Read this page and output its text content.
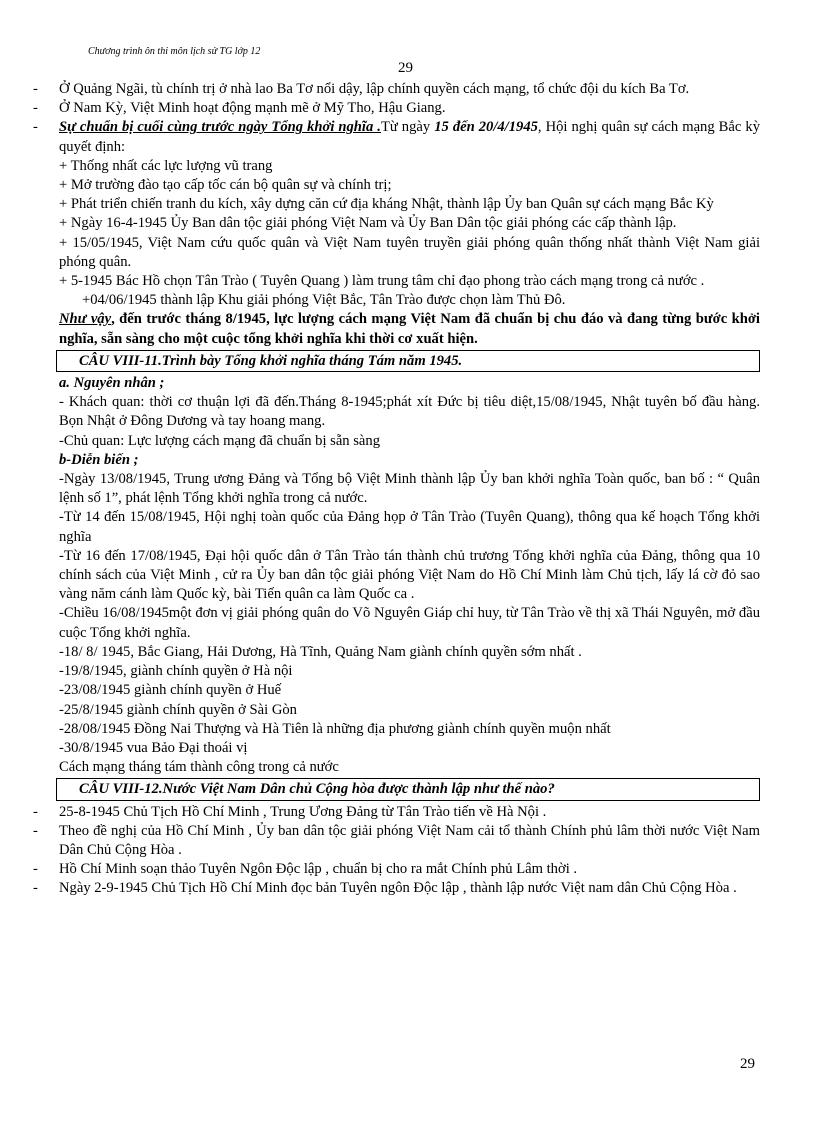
Chương trình ôn thi môn lịch sử TG lớp 12
29
- Ở Quảng Ngãi, tù chính trị ở nhà lao Ba Tơ nổi dậy, lập chính quyền cách mạng, tổ chức đội du kích Ba Tơ.
- Ở Nam Kỳ, Việt Minh hoạt động mạnh mẽ ở Mỹ Tho, Hậu Giang.
- Sự chuẩn bị cuối cùng trước ngày Tổng khởi nghĩa .Từ ngày 15 đến 20/4/1945, Hội nghị quân sự cách mạng Bắc kỳ quyết định:
+ Thống nhất các lực lượng vũ trang
+ Mở trường đào tạo cấp tốc cán bộ quân sự và chính trị;
+ Phát triển chiến tranh du kích, xây dựng căn cứ địa kháng Nhật, thành lập Ủy ban Quân sự cách mạng Bắc Kỳ
+ Ngày 16-4-1945 Ủy Ban dân tộc giải phóng Việt Nam và Ủy Ban Dân tộc giải phóng các cấp thành lập.
+ 15/05/1945, Việt Nam cứu quốc quân và Việt Nam tuyên truyền giải phóng quân thống nhất thành Việt Nam giải phóng quân.
+ 5-1945 Bác Hồ chọn Tân Trào ( Tuyên Quang ) làm trung tâm chỉ đạo phong trào cách mạng trong cả nước .
+04/06/1945 thành lập Khu giải phóng Việt Bắc, Tân Trào được chọn làm Thủ Đô.
Như vậy, đến trước tháng 8/1945, lực lượng cách mạng Việt Nam đã chuẩn bị chu đáo và đang từng bước khởi nghĩa, sẵn sàng cho một cuộc tổng khởi nghĩa khi thời cơ xuất hiện.
CÂU VIII-11.Trình bày Tổng khởi nghĩa tháng Tám năm 1945.
a. Nguyên nhân ;
- Khách quan: thời cơ thuận lợi đã đến.Tháng 8-1945;phát xít Đức bị tiêu diệt,15/08/1945, Nhật tuyên bố đầu hàng. Bọn Nhật ở Đông Dương và tay hoang mang.
-Chủ quan: Lực lượng cách mạng đã chuẩn bị sẵn sàng
b-Diễn biến ;
-Ngày 13/08/1945, Trung ương Đảng và Tổng bộ Việt Minh thành lập Ủy ban khởi nghĩa Toàn quốc, ban bố : “ Quân lệnh số 1”, phát lệnh Tổng khởi nghĩa trong cả nước.
-Từ 14 đến 15/08/1945, Hội nghị toàn quốc của Đảng họp ở Tân Trào (Tuyên Quang), thông qua kế hoạch Tổng khởi nghĩa
-Từ 16 đến 17/08/1945, Đại hội quốc dân ở Tân Trào tán thành chủ trương Tổng khởi nghĩa của Đảng, thông qua 10 chính sách của Việt Minh , cử ra Ủy ban dân tộc giải phóng Việt Nam do Hồ Chí Minh làm Chủ tịch, lấy lá cờ đỏ sao vàng năm cánh làm Quốc kỳ, bài Tiến quân ca làm Quốc ca .
-Chiều 16/08/1945một đơn vị giải phóng quân do Võ Nguyên Giáp chỉ huy, từ Tân Trào về thị xã Thái Nguyên, mở đầu cuộc Tổng khởi nghĩa.
-18/ 8/ 1945, Bắc Giang, Hải Dương, Hà Tĩnh, Quảng Nam giành chính quyền sớm nhất .
-19/8/1945, giành chính quyền ở Hà nội
-23/08/1945 giành chính quyền ở Huế
-25/8/1945 giành chính quyền ở Sài Gòn
-28/08/1945 Đồng Nai Thượng và Hà Tiên là những địa phương giành chính quyền muộn nhất
-30/8/1945 vua Bảo Đại thoái vị
Cách mạng tháng tám thành công trong cả nước
CÂU VIII-12.Nước Việt Nam Dân chủ Cộng hòa được thành lập như thế nào?
- 25-8-1945 Chủ Tịch Hồ Chí Minh , Trung Ương Đảng từ Tân Trào tiến về Hà Nội .
- Theo đề nghị của Hồ Chí Minh , Ủy ban dân tộc giải phóng Việt Nam cải tổ thành Chính phủ lâm thời nước Việt Nam Dân Chủ Cộng Hòa .
- Hồ Chí Minh soạn thảo Tuyên Ngôn Độc lập , chuẩn bị cho ra mắt Chính phủ Lâm thời .
- Ngày 2-9-1945 Chủ Tịch Hồ Chí Minh đọc bản Tuyên ngôn Độc lập , thành lập nước Việt nam dân Chủ Cộng Hòa .
29
